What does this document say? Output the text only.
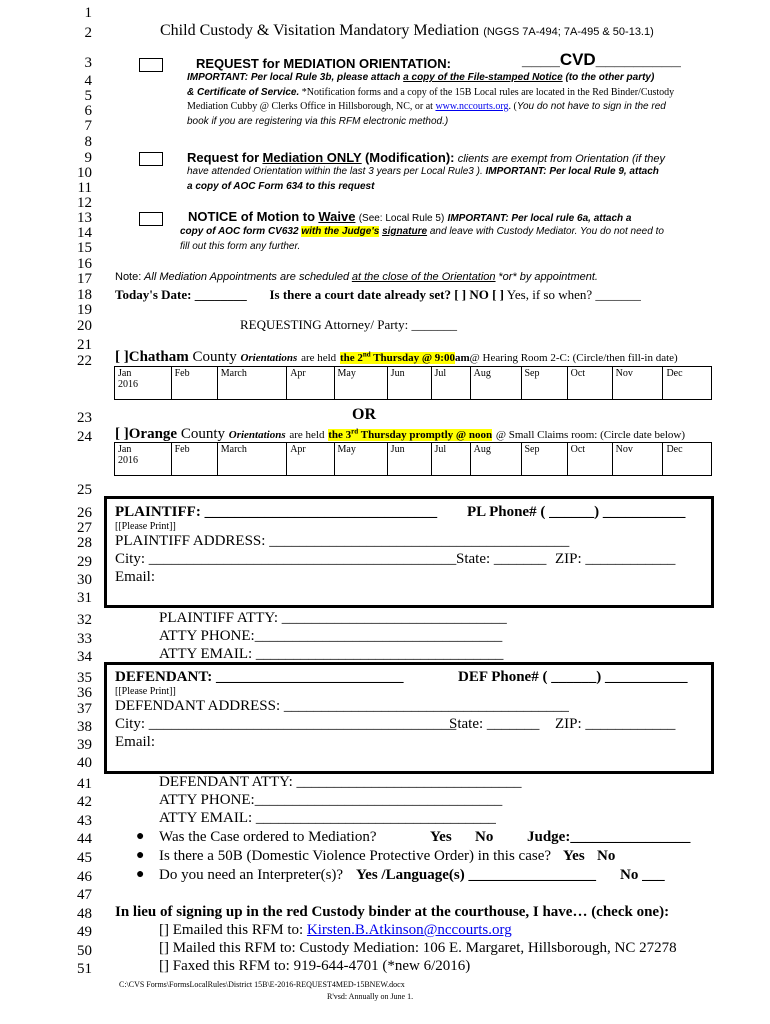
1
2
3
4
5
6
7
8
9
10
11
12
13
14
15
16
17
18
19
20
21
22
23
24
25
26
27
28
29
30
31
32
33
34
35
36
37
38
39
40
41
42
43
44
45
46
47
48
49
50
51
Child Custody & Visitation Mandatory Mediation (NGGS 7A-494; 7A-495 & 50-13.1)
REQUEST for MEDIATION ORIENTATION:	____CVD_________
IMPORTANT: Per local Rule 3b, please attach a copy of the File-stamped Notice (to the other party)
& Certificate of Service. *Notification forms and a copy of the 15B Local rules are located in the Red Binder/Custody
Mediation Cubby @ Clerks Office in Hillsborough, NC, or at www.nccourts.org. (You do not have to sign in the red
book if you are registering via this RFM electronic method.)
Request for Mediation ONLY (Modification): clients are exempt from Orientation (if they
have attended Orientation within the last 3 years per Local Rule3 ). IMPORTANT: Per local Rule 9, attach
a copy of AOC Form 634 to this request
NOTICE of Motion to Waive (See: Local Rule 5) IMPORTANT: Per local rule 6a, attach a
copy of AOC form CV632 with the Judge's signature and leave with Custody Mediator. You do not need to
fill out this form any further.
Note: All Mediation Appointments are scheduled at the close of the Orientation *or* by appointment.
Today's Date: ________ Is there a court date already set? [ ] NO [ ] Yes, if so when? _______
REQUESTING Attorney/ Party: _______
[ ]Chatham County Orientations are held the 2nd Thursday @ 9:00am@ Hearing Room 2-C: (Circle/then fill-in date)
Jan
2016	Feb	March	Apr	May	Jun	Jul	Aug	Sep	Oct	Nov	Dec
OR
[ ]Orange County Orientations are held the 3rd Thursday promptly @ noon @ Small Claims room: (Circle date below)
Jan
2016	Feb	March	Apr	May	Jun	Jul	Aug	Sep	Oct	Nov	Dec
PLAINTIFF: _______________________________ PL Phone# ( ______) ___________
[[Please Print]]
PLAINTIFF ADDRESS: ________________________________________
City: _________________________________________ State: _______ ZIP: ____________
Email:
PLAINTIFF ATTY: ______________________________
ATTY PHONE:_________________________________
ATTY EMAIL: _________________________________
DEFENDANT: _________________________	DEF Phone# ( ______) ___________
[[Please Print]]
DEFENDANT ADDRESS: ______________________________________
City: _________________________________________
State: _______ ZIP: ____________
Email:
DEFENDANT ATTY: ______________________________
ATTY PHONE:_________________________________
ATTY EMAIL: ________________________________
● Was the Case ordered to Mediation?	Yes No Judge:________________
● Is there a 50B (Domestic Violence Protective Order) in this case? Yes No
● Do you need an Interpreter(s)? Yes /Language(s) _________________ No ___
In lieu of signing up in the red Custody binder at the courthouse, I have… (check one):
[] Emailed this RFM to: Kirsten.B.Atkinson@nccourts.org
[] Mailed this RFM to: Custody Mediation: 106 E. Margaret, Hillsborough, NC 27278
[] Faxed this RFM to: 919-644-4701 (*new 6/2016)
C:\CVS Forms\FormsLocalRules\District 15B\E-2016-REQUEST4MED-15BNEW.docx
R'vsd: Annually on June 1.
